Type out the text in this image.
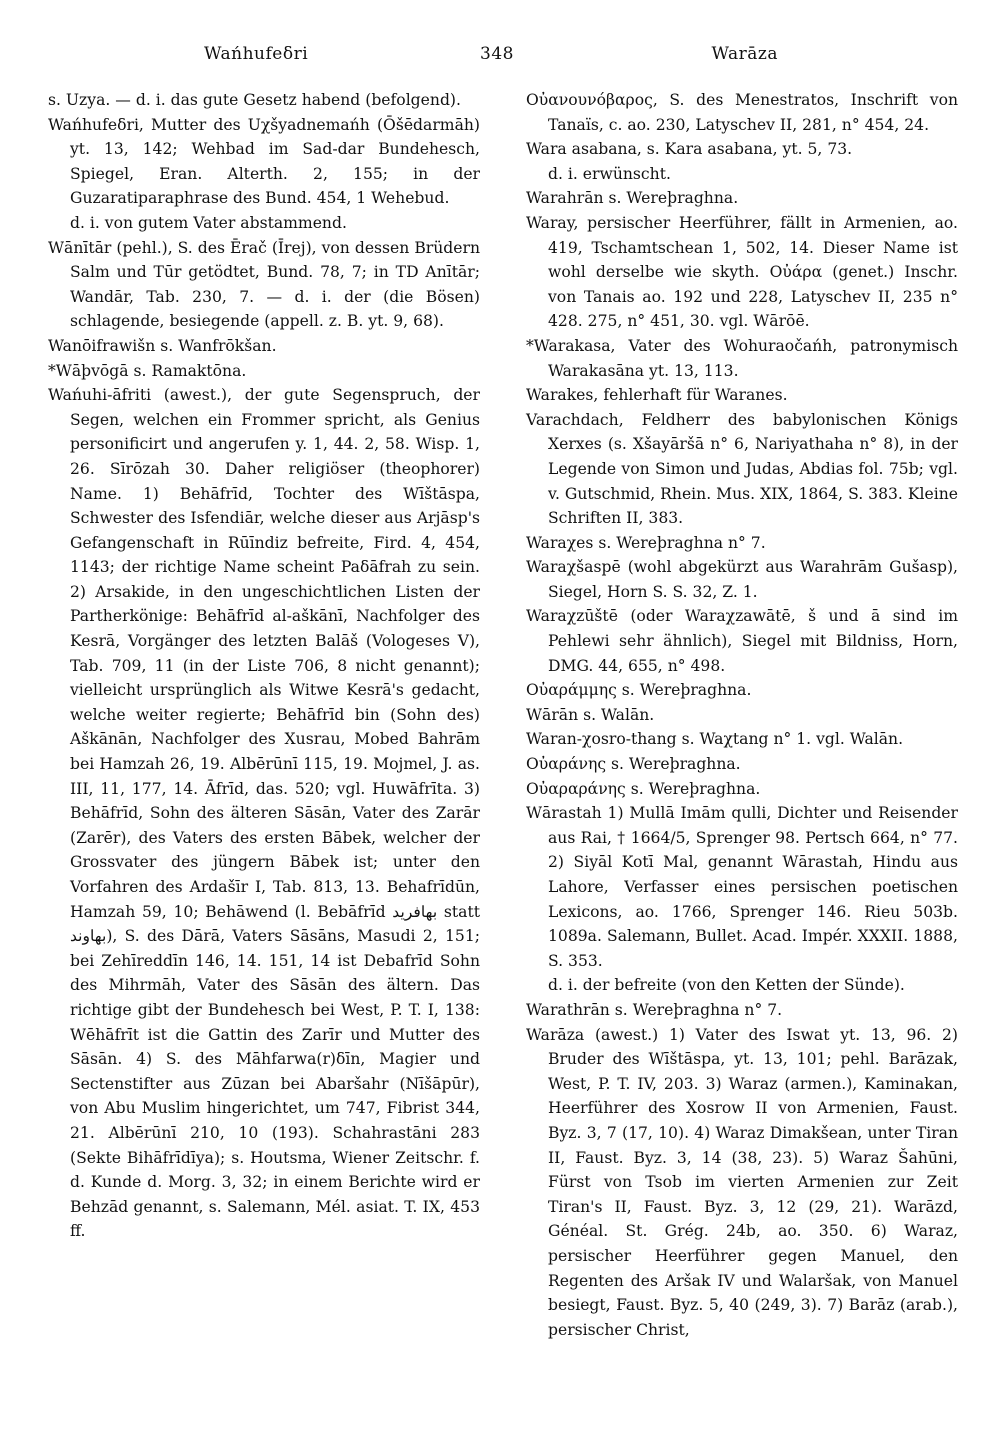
Wańhufeδri	348	Warāza
s. Uzya. — d. i. das gute Gesetz habend (befolgend).
Wańhufeδri, Mutter des Uχšyadnemańh (Ōšēdarmāh) yt. 13, 142; Wehbad im Sad-dar Bundehesch, Spiegel, Eran. Alterth. 2, 155; in der Guzaratiparaphrase des Bund. 454, 1 Wehebud.
d. i. von gutem Vater abstammend.
Wānītār (pehl.), S. des Ērač (Īrej), von dessen Brüdern Salm und Tūr getödtet, Bund. 78, 7; in TD Anītār; Wandār, Tab. 230, 7. — d. i. der (die Bösen) schlagende, besiegende (appell. z. B. yt. 9, 68).
Wanōifrawišn s. Wanfrōkšan.
*Wāþvōgā s. Ramaktōna.
Wańuhi-āfriti (awest.), der gute Segenspruch, der Segen, welchen ein Frommer spricht, als Genius personificirt und angerufen y. 1, 44. 2, 58. Wisp. 1, 26. Sīrōzah 30. Daher religiöser (theophorer) Name. 1) Behāfrīd, Tochter des Wīštāspa, Schwester des Isfendiār, welche dieser aus Arjāsp's Gefangenschaft in Rūīndiz befreite, Fird. 4, 454, 1143; der richtige Name scheint Paδāfrah zu sein. 2) Arsakide, in den ungeschichtlichen Listen der Partherkönige: Behāfrīd al-aškānī, Nachfolger des Kesrā, Vorgänger des letzten Balāš (Vologeses V), Tab. 709, 11 (in der Liste 706, 8 nicht genannt); vielleicht ursprünglich als Witwe Kesrā's gedacht, welche weiter regierte; Behāfrīd bin (Sohn des) Aškānān, Nachfolger des Xusrau, Mobed Bahrām bei Hamzah 26, 19. Albērūnī 115, 19. Mojmel, J. as. III, 11, 177, 14. Āfrīd, das. 520; vgl. Huwāfrīta. 3) Behāfrīd, Sohn des älteren Sāsān, Vater des Zarār (Zarēr), des Vaters des ersten Bābek, welcher der Grossvater des jüngern Bābek ist; unter den Vorfahren des Ardašīr I, Tab. 813, 13. Behafrīdūn, Hamzah 59, 10; Behāwend (l. Bebāfrīd بهافريد statt بهاوند), S. des Dārā, Vaters Sāsāns, Masudi 2, 151; bei Zehīreddīn 146, 14. 151, 14 ist Debafrīd Sohn des Mihrmāh, Vater des Sāsān des ältern. Das richtige gibt der Bundehesch bei West, P. T. I, 138: Wēhāfrīt ist die Gattin des Zarīr und Mutter des Sāsān. 4) S. des Māhfarwa(r)δīn, Magier und Sectenstifter aus Zūzan bei Abaršahr (Nīšāpūr), von Abu Muslim hingerichtet, um 747, Fibrist 344, 21. Albērūnī 210, 10 (193). Schahrastāni 283 (Sekte Bihāfrīdīya); s. Houtsma, Wiener Zeitschr. f. d. Kunde d. Morg. 3, 32; in einem Berichte wird er Behzād genannt, s. Salemann, Mél. asiat. T. IX, 453 ff.
Οὐανουνόβαρος, S. des Menestratos, Inschrift von Tanaïs, c. ao. 230, Latyschev II, 281, n° 454, 24.
Wara asabana, s. Kara asabana, yt. 5, 73.
d. i. erwünscht.
Warahrān s. Wereþraghna.
Waray, persischer Heerführer, fällt in Armenien, ao. 419, Tschamtschean 1, 502, 14. Dieser Name ist wohl derselbe wie skyth. Οὐάρα (genet.) Inschr. von Tanais ao. 192 und 228, Latyschev II, 235 n° 428. 275, n° 451, 30. vgl. Wārōē.
*Warakasa, Vater des Wohuraočańh, patronymisch Warakasāna yt. 13, 113.
Warakes, fehlerhaft für Waranes.
Varachdach, Feldherr des babylonischen Königs Xerxes (s. Xšayāršā n° 6, Nariyathaha n° 8), in der Legende von Simon und Judas, Abdias fol. 75b; vgl. v. Gutschmid, Rhein. Mus. XIX, 1864, S. 383. Kleine Schriften II, 383.
Waraχes s. Wereþraghna n° 7.
Waraχšaspē (wohl abgekürzt aus Warahrām Gušasp), Siegel, Horn S. S. 32, Z. 1.
Waraχzūštē (oder Waraχzawātē, š und ā sind im Pehlewi sehr ähnlich), Siegel mit Bildniss, Horn, DMG. 44, 655, n° 498.
Οὐαράμμης s. Wereþraghna.
Wārān s. Walān.
Waran-χosro-thang s. Waχtang n° 1. vgl. Walān.
Οὐαράνης s. Wereþraghna.
Οὐαραράνης s. Wereþraghna.
Wārastah 1) Mullā Imām qulli, Dichter und Reisender aus Rai, † 1664/5, Sprenger 98. Pertsch 664, n° 77. 2) Siyāl Kotī Mal, genannt Wārastah, Hindu aus Lahore, Verfasser eines persischen poetischen Lexicons, ao. 1766, Sprenger 146. Rieu 503b. 1089a. Salemann, Bullet. Acad. Impér. XXXII. 1888, S. 353.
d. i. der befreite (von den Ketten der Sünde).
Warathrān s. Wereþraghna n° 7.
Warāza (awest.) 1) Vater des Iswat yt. 13, 96. 2) Bruder des Wīštāspa, yt. 13, 101; pehl. Barāzak, West, P. T. IV, 203. 3) Waraz (armen.), Kaminakan, Heerführer des Xosrow II von Armenien, Faust. Byz. 3, 7 (17, 10). 4) Waraz Dimakšean, unter Tiran II, Faust. Byz. 3, 14 (38, 23). 5) Waraz Šahūni, Fürst von Tsob im vierten Armenien zur Zeit Tiran's II, Faust. Byz. 3, 12 (29, 21). Warāzd, Généal. St. Grég. 24b, ao. 350. 6) Waraz, persischer Heerführer gegen Manuel, den Regenten des Aršak IV und Walaršak, von Manuel besiegt, Faust. Byz. 5, 40 (249, 3). 7) Barāz (arab.), persischer Christ,
